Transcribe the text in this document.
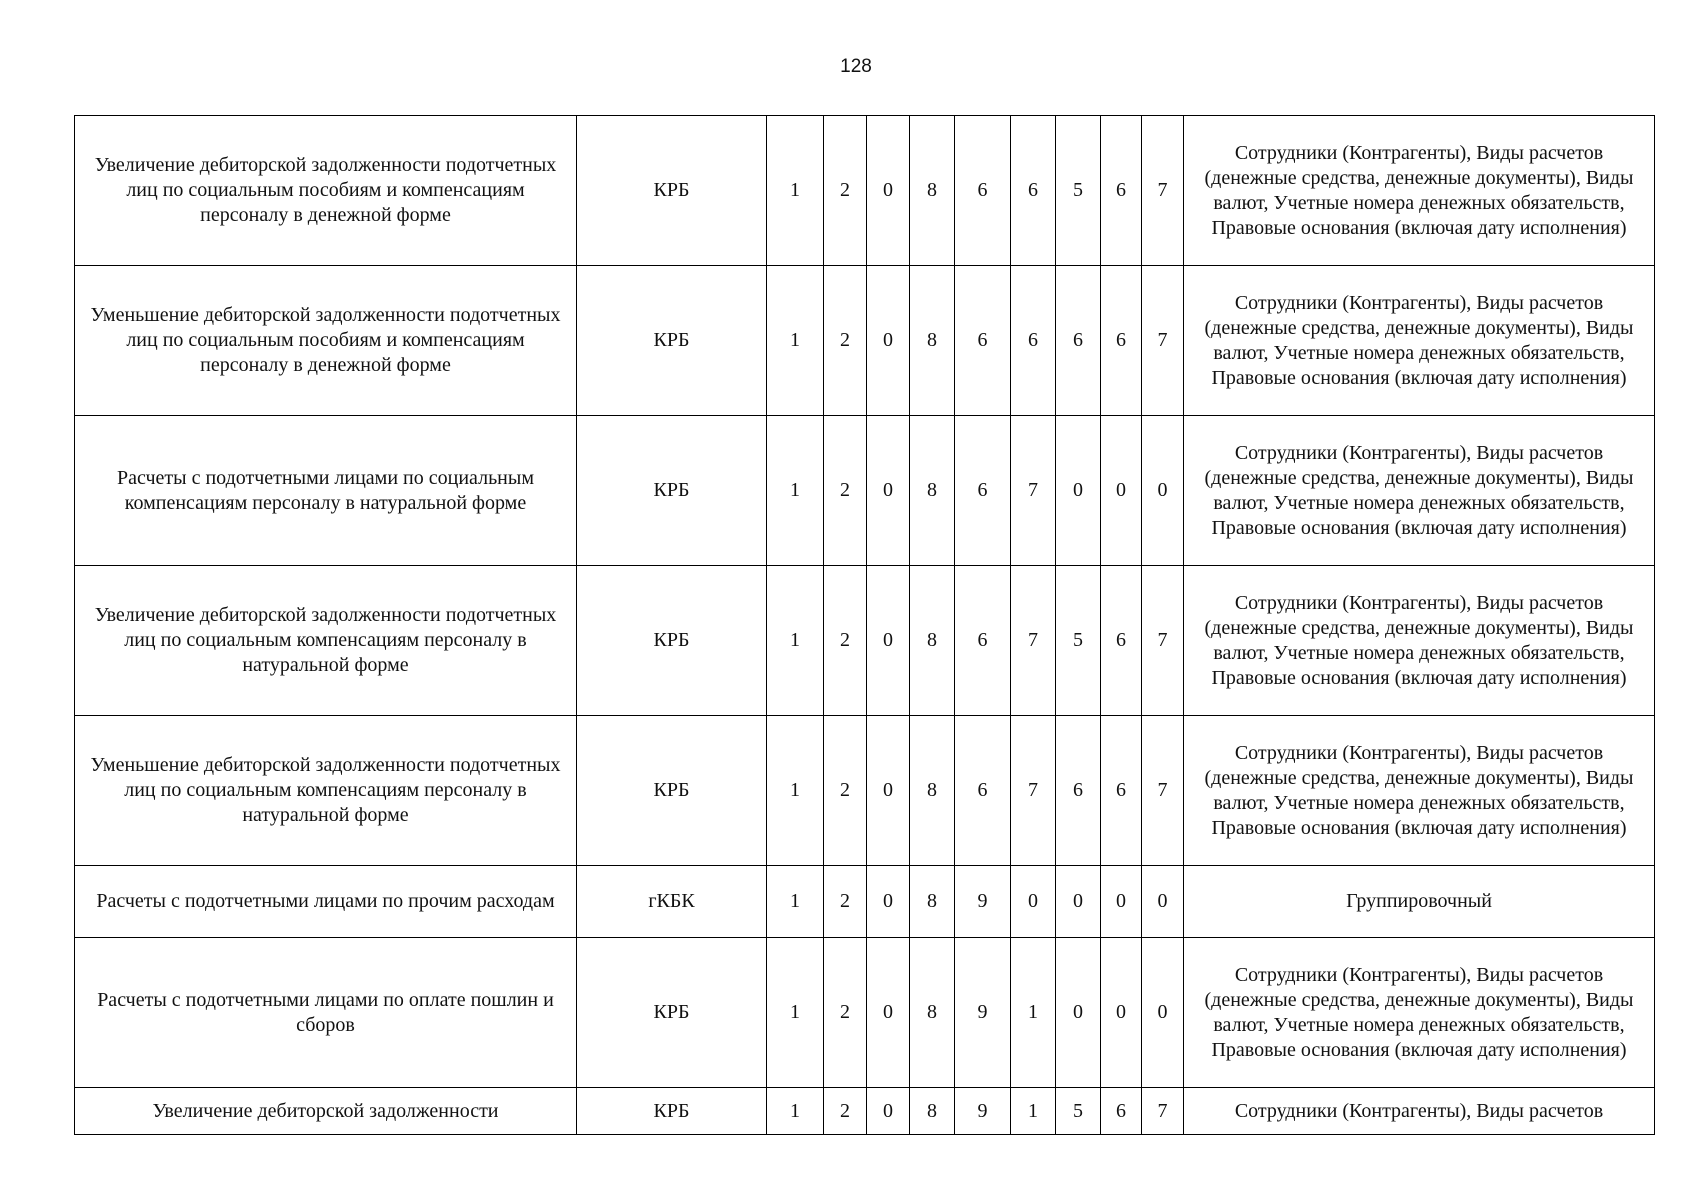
128
Увеличение дебиторской задолженности подотчетных лиц по социальным пособиям и компенсациям персоналу в денежной форме	КРБ	1	2	0	8	6	6	5	6	7	Сотрудники (Контрагенты), Виды расчетов (денежные средства, денежные документы), Виды валют, Учетные номера денежных обязательств, Правовые основания (включая дату исполнения)
Уменьшение дебиторской задолженности подотчетных лиц по социальным пособиям и компенсациям персоналу в денежной форме	КРБ	1	2	0	8	6	6	6	6	7	Сотрудники (Контрагенты), Виды расчетов (денежные средства, денежные документы), Виды валют, Учетные номера денежных обязательств, Правовые основания (включая дату исполнения)
Расчеты с подотчетными лицами по социальным компенсациям персоналу в натуральной форме	КРБ	1	2	0	8	6	7	0	0	0	Сотрудники (Контрагенты), Виды расчетов (денежные средства, денежные документы), Виды валют, Учетные номера денежных обязательств, Правовые основания (включая дату исполнения)
Увеличение дебиторской задолженности подотчетных лиц по социальным компенсациям персоналу в натуральной форме	КРБ	1	2	0	8	6	7	5	6	7	Сотрудники (Контрагенты), Виды расчетов (денежные средства, денежные документы), Виды валют, Учетные номера денежных обязательств, Правовые основания (включая дату исполнения)
Уменьшение дебиторской задолженности подотчетных лиц по социальным компенсациям персоналу в натуральной форме	КРБ	1	2	0	8	6	7	6	6	7	Сотрудники (Контрагенты), Виды расчетов (денежные средства, денежные документы), Виды валют, Учетные номера денежных обязательств, Правовые основания (включая дату исполнения)
Расчеты с подотчетными лицами по прочим расходам	гКБК	1	2	0	8	9	0	0	0	0	Группировочный
Расчеты с подотчетными лицами по оплате пошлин и сборов	КРБ	1	2	0	8	9	1	0	0	0	Сотрудники (Контрагенты), Виды расчетов (денежные средства, денежные документы), Виды валют, Учетные номера денежных обязательств, Правовые основания (включая дату исполнения)
Увеличение дебиторской задолженности	КРБ	1	2	0	8	9	1	5	6	7	Сотрудники (Контрагенты), Виды расчетов
